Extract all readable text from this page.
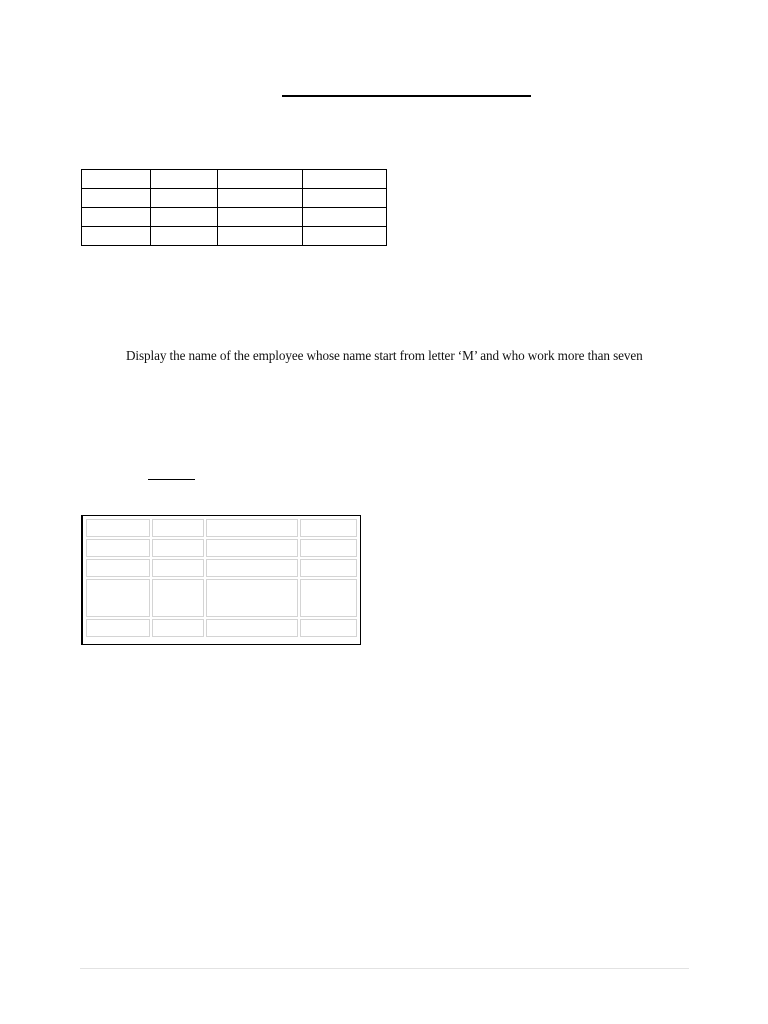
Display the name of the employee whose name start from letter ‘M’ and who work more than seven
